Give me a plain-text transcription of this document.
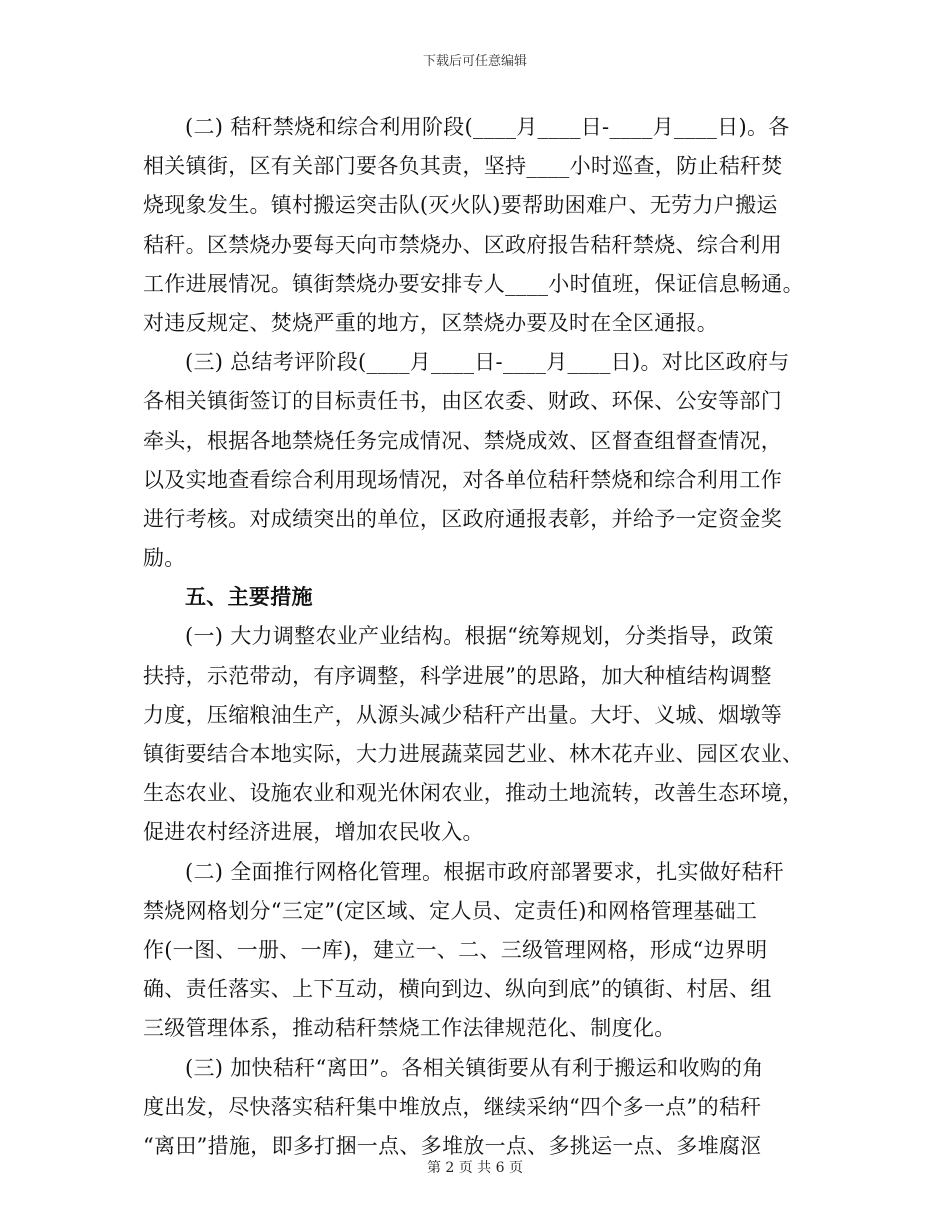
下载后可任意编辑
(二) 秸秆禁烧和综合利用阶段(____月____日-____月____日)。各
相关镇街，区有关部门要各负其责，坚持____小时巡查，防止秸秆焚
烧现象发生。镇村搬运突击队(灭火队)要帮助困难户、无劳力户搬运
秸秆。区禁烧办要每天向市禁烧办、区政府报告秸秆禁烧、综合利用
工作进展情况。镇街禁烧办要安排专人____小时值班，保证信息畅通。
对违反规定、焚烧严重的地方，区禁烧办要及时在全区通报。
(三) 总结考评阶段(____月____日-____月____日)。对比区政府与
各相关镇街签订的目标责任书，由区农委、财政、环保、公安等部门
牵头，根据各地禁烧任务完成情况、禁烧成效、区督查组督查情况，
以及实地查看综合利用现场情况，对各单位秸秆禁烧和综合利用工作
进行考核。对成绩突出的单位，区政府通报表彰，并给予一定资金奖
励。
五、主要措施
(一) 大力调整农业产业结构。根据“统筹规划，分类指导，政策
扶持，示范带动，有序调整，科学进展”的思路，加大种植结构调整
力度，压缩粮油生产，从源头减少秸秆产出量。大圩、义城、烟墩等
镇街要结合本地实际，大力进展蔬菜园艺业、林木花卉业、园区农业、
生态农业、设施农业和观光休闲农业，推动土地流转，改善生态环境，
促进农村经济进展，增加农民收入。
(二) 全面推行网格化管理。根据市政府部署要求，扎实做好秸秆
禁烧网格划分“三定”(定区域、定人员、定责任)和网格管理基础工
作(一图、一册、一库)，建立一、二、三级管理网格，形成“边界明
确、责任落实、上下互动，横向到边、纵向到底”的镇街、村居、组
三级管理体系，推动秸秆禁烧工作法律规范化、制度化。
(三) 加快秸秆“离田”。各相关镇街要从有利于搬运和收购的角
度出发，尽快落实秸秆集中堆放点，继续采纳“四个多一点”的秸秆
“离田”措施，即多打捆一点、多堆放一点、多挑运一点、多堆腐沤
第 2 页 共 6 页
